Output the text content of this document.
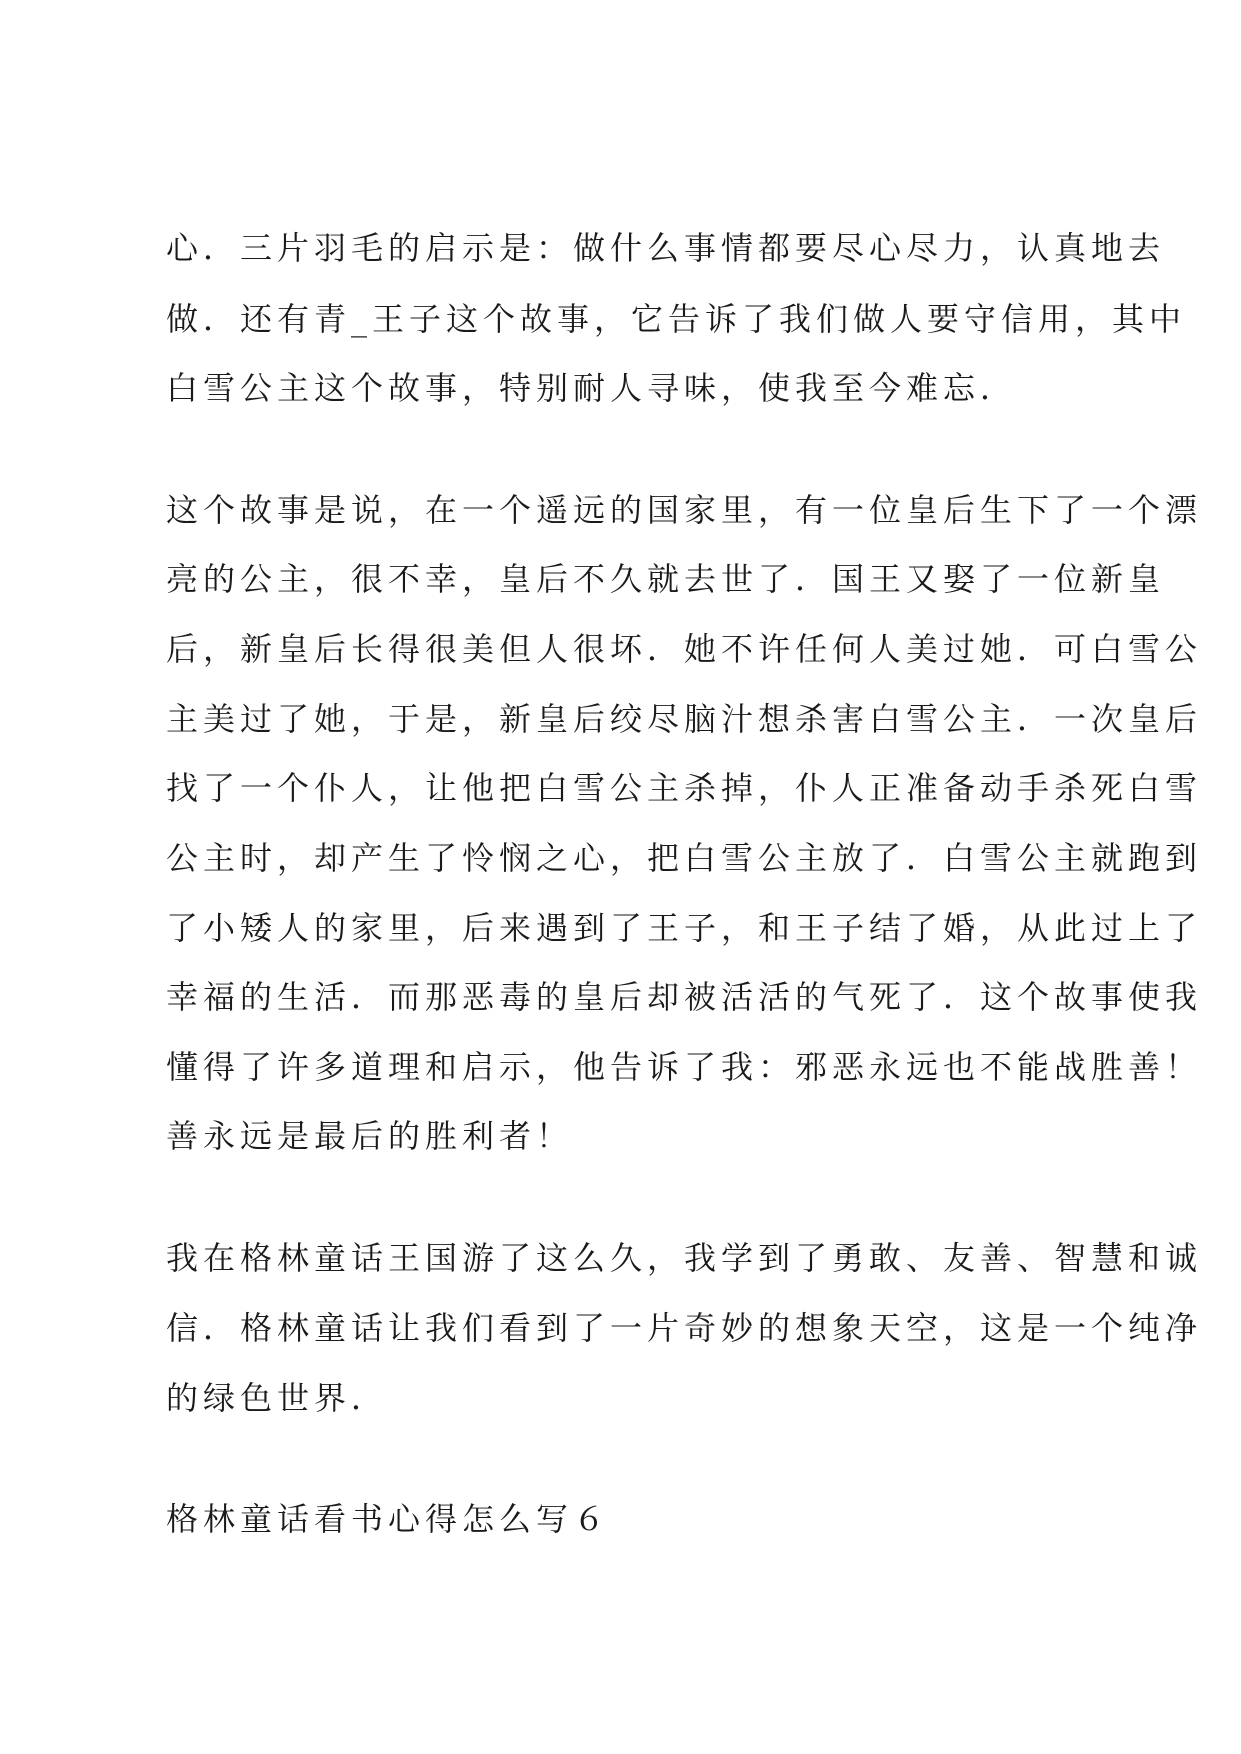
心．三片羽毛的启示是：做什么事情都要尽心尽力，认真地去
做．还有青_王子这个故事，它告诉了我们做人要守信用，其中
白雪公主这个故事，特别耐人寻味，使我至今难忘．
这个故事是说，在一个遥远的国家里，有一位皇后生下了一个漂
亮的公主，很不幸，皇后不久就去世了．国王又娶了一位新皇
后，新皇后长得很美但人很坏．她不许任何人美过她．可白雪公
主美过了她，于是，新皇后绞尽脑汁想杀害白雪公主．一次皇后
找了一个仆人，让他把白雪公主杀掉，仆人正准备动手杀死白雪
公主时，却产生了怜悯之心，把白雪公主放了．白雪公主就跑到
了小矮人的家里，后来遇到了王子，和王子结了婚，从此过上了
幸福的生活．而那恶毒的皇后却被活活的气死了．这个故事使我
懂得了许多道理和启示，他告诉了我：邪恶永远也不能战胜善！
善永远是最后的胜利者！
我在格林童话王国游了这么久，我学到了勇敢、友善、智慧和诚
信．格林童话让我们看到了一片奇妙的想象天空，这是一个纯净
的绿色世界．
格林童话看书心得怎么写６
